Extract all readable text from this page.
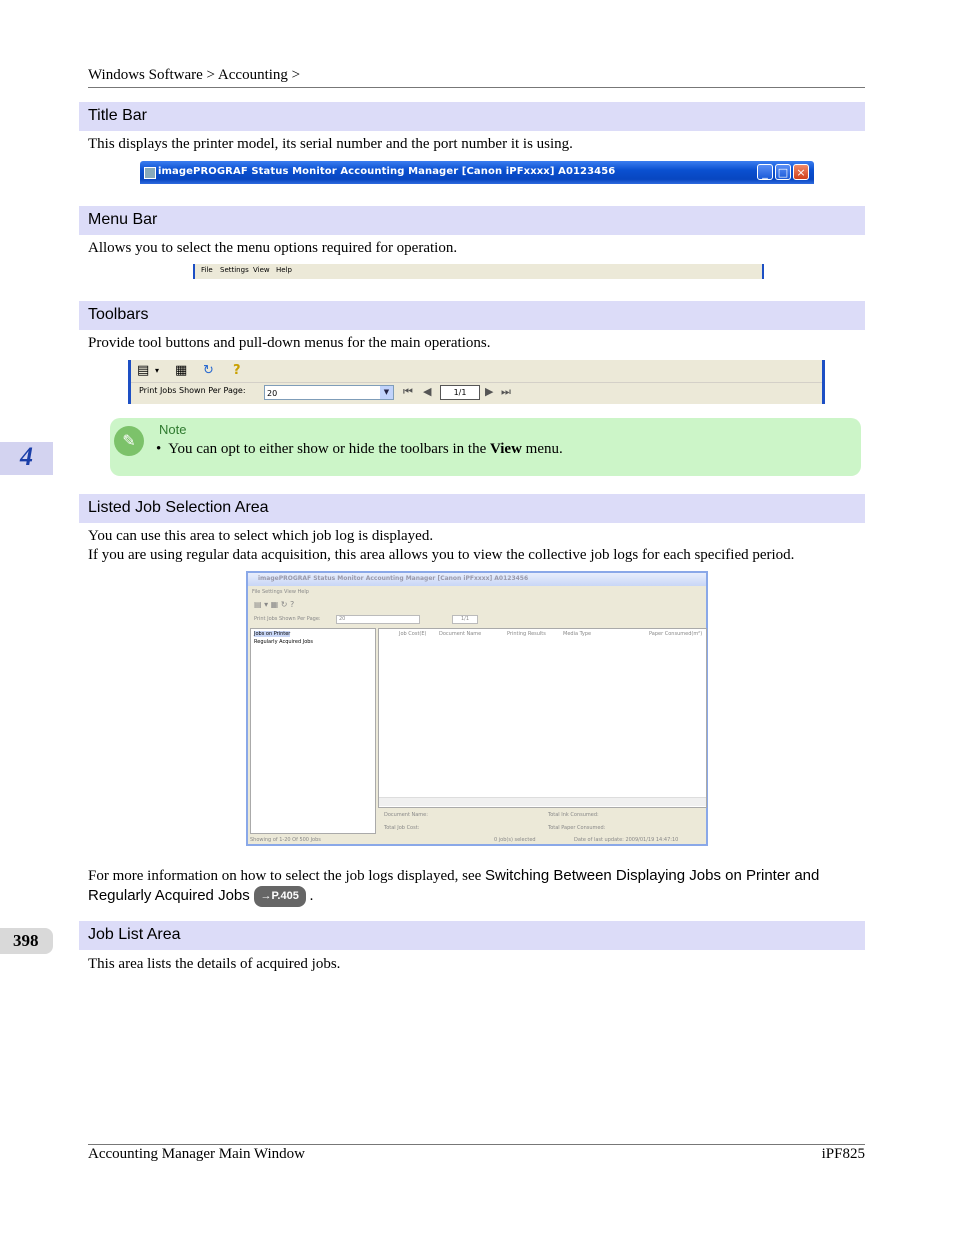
Windows Software > Accounting >
Title Bar
This displays the printer model, its serial number and the port number it is using.
imagePROGRAF Status Monitor Accounting Manager [Canon iPFxxxx] A0123456	_ □ ×
Menu Bar
Allows you to select the menu options required for operation.
File Settings View Help
Toolbars
Provide tool buttons and pull-down menus for the main operations.
▤ ▾ ▦ ↻ ?
Print Jobs Shown Per Page:	20	▼	⏮ ◀	1/1	▶ ⏭
✎
Note
• You can opt to either show or hide the toolbars in the View menu.
4
Listed Job Selection Area
You can use this area to select which job log is displayed.
If you are using regular data acquisition, this area allows you to view the collective job logs for each specified period.
imagePROGRAF Status Monitor Accounting Manager [Canon iPFxxxx] A0123456
File Settings View Help
▤ ▾ ▦ ↻ ?
Print Jobs Shown Per Page:	20	1/1
Jobs on Printer
Regularly Acquired Jobs
Job Cost(E)	Document Name	Printing Results	Media Type	Paper Consumed(m²)
Document Name:	Total Ink Consumed:
Total Job Cost:	Total Paper Consumed:
Showing of 1-20 Of 500 Jobs	0 job(s) selected	Date of last update: 2009/01/19 14:47:10
For more information on how to select the job logs displayed, see Switching Between Displaying Jobs on Printer and
Regularly Acquired Jobs →P.405 .
398	Job List Area
This area lists the details of acquired jobs.
Accounting Manager Main Window	iPF825
